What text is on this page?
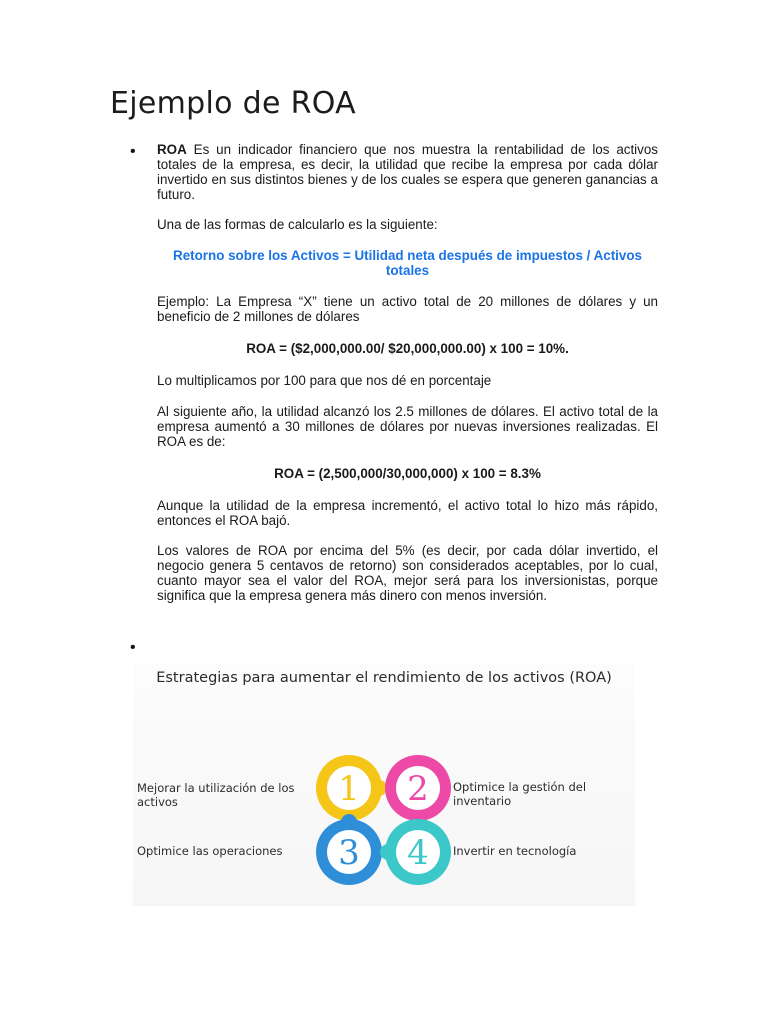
Ejemplo de ROA
• ROA Es un indicador financiero que nos muestra la rentabilidad de los activos totales de la empresa, es decir, la utilidad que recibe la empresa por cada dólar invertido en sus distintos bienes y de los cuales se espera que generen ganancias a futuro.

Una de las formas de calcularlo es la siguiente:

Retorno sobre los Activos = Utilidad neta después de impuestos / Activos totales

Ejemplo: La Empresa “X” tiene un activo total de 20 millones de dólares y un beneficio de 2 millones de dólares

ROA = ($2,000,000.00/ $20,000,000.00) x 100 = 10%.

Lo multiplicamos por 100 para que nos dé en porcentaje

Al siguiente año, la utilidad alcanzó los 2.5 millones de dólares. El activo total de la empresa aumentó a 30 millones de dólares por nuevas inversiones realizadas. El ROA es de:

ROA = (2,500,000/30,000,000) x 100 = 8.3%

Aunque la utilidad de la empresa incrementó, el activo total lo hizo más rápido, entonces el ROA bajó.

Los valores de ROA por encima del 5% (es decir, por cada dólar invertido, el negocio genera 5 centavos de retorno) son considerados aceptables, por lo cual, cuanto mayor sea el valor del ROA, mejor será para los inversionistas, porque significa que la empresa genera más dinero con menos inversión.

•
Estrategias para aumentar el rendimiento de los activos (ROA)
Mejorar la utilización de los
activos
Optimice la gestión del
inventario
Optimice las operaciones	Invertir en tecnología
1 2
3 4
